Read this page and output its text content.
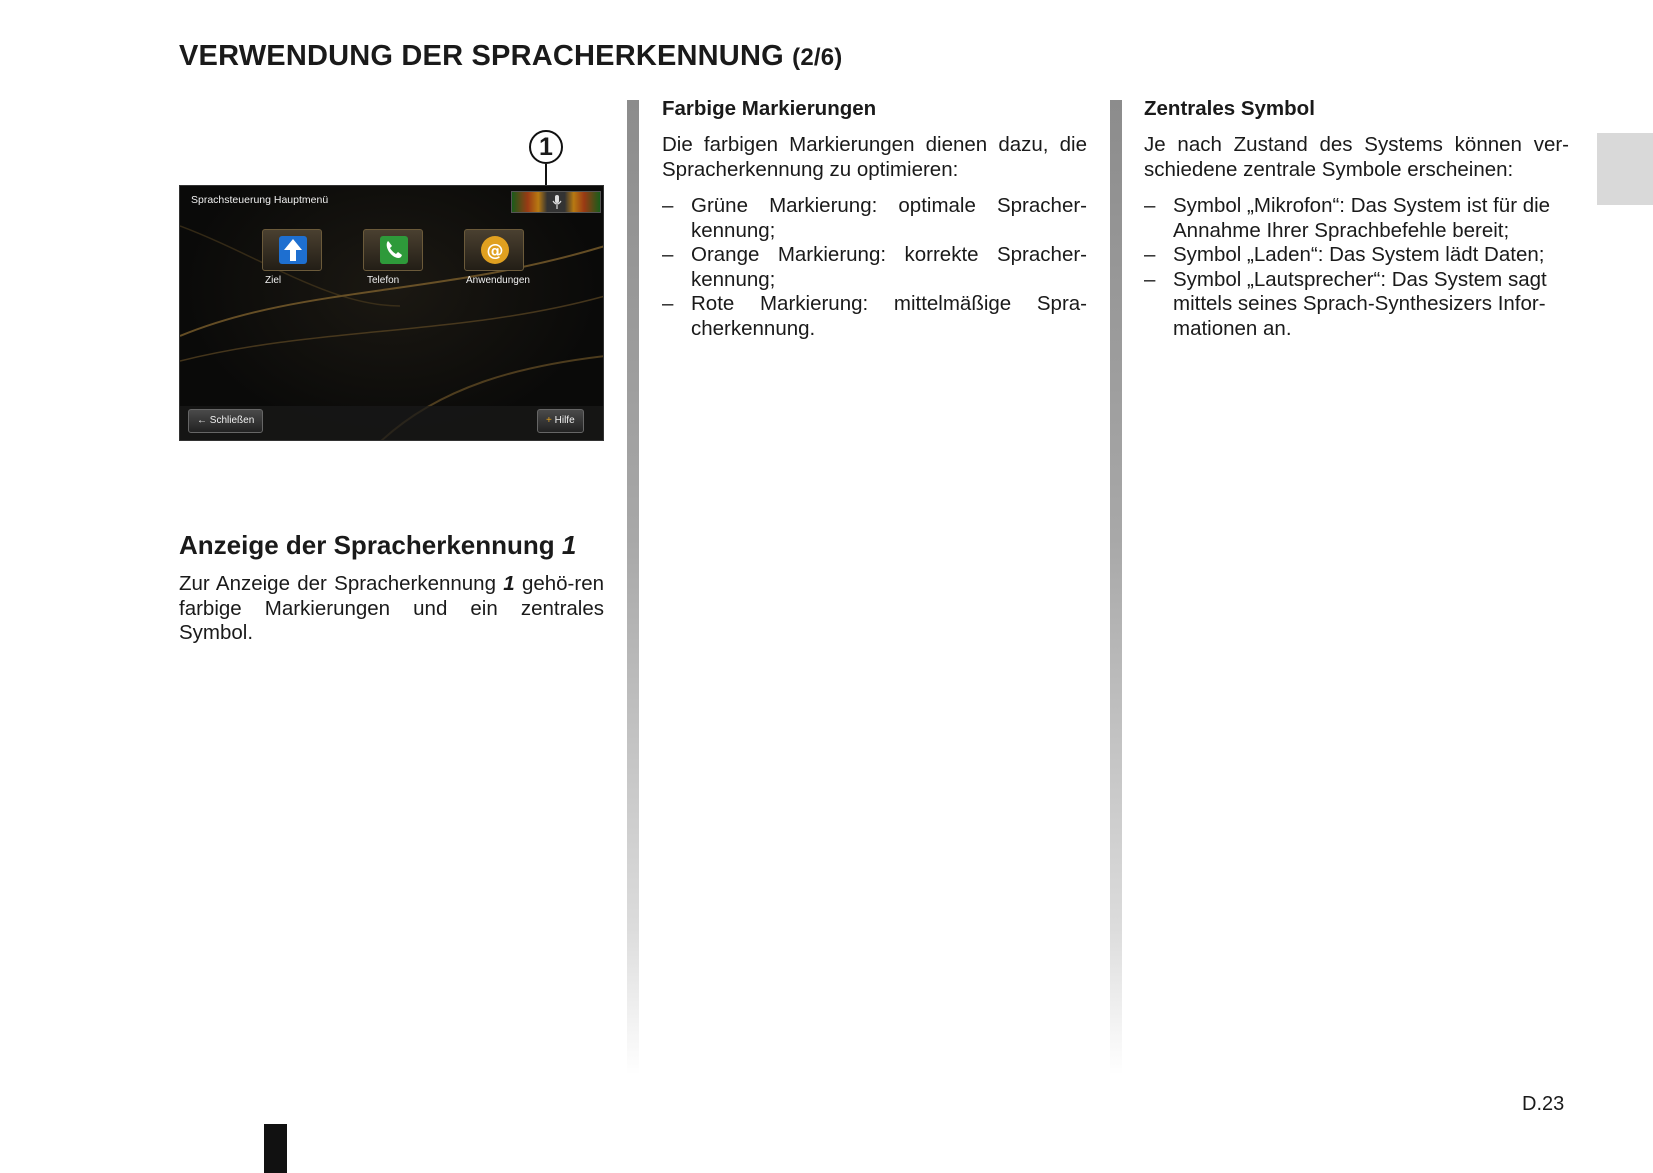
VERWENDUNG DER SPRACHERKENNUNG (2/6)
1
Sprachsteuerung Hauptmenü
@
Ziel	Telefon	Anwendungen
← Schließen	+ Hilfe
Anzeige der Spracherkennung 1

Zur Anzeige der Spracherkennung 1 gehö-ren farbige Markierungen und ein zentrales Symbol.

Farbige Markierungen

Die farbigen Markierungen dienen dazu, die Spracherkennung zu optimieren:

– Grüne Markierung: optimale Spracher-kennung;
– Orange Markierung: korrekte Spracher-kennung;
– Rote Markierung: mittelmäßige Spra-cherkennung.
Zentrales Symbol

Je nach Zustand des Systems können ver-schiedene zentrale Symbole erscheinen:

– Symbol „Mikrofon“: Das System ist für die Annahme Ihrer Sprachbefehle bereit;
– Symbol „Laden“: Das System lädt Daten;
– Symbol „Lautsprecher“: Das System sagt mittels seines Sprach-Synthesizers Infor-mationen an.
D.23
